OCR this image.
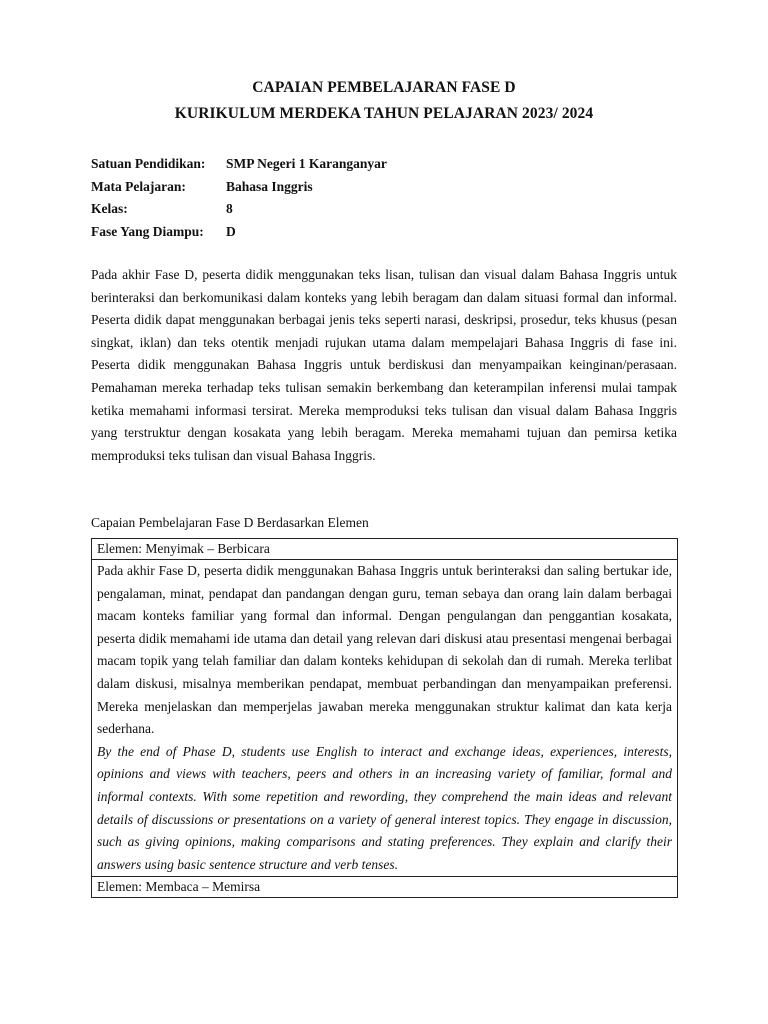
CAPAIAN PEMBELAJARAN FASE D
KURIKULUM MERDEKA TAHUN PELAJARAN 2023/ 2024
Satuan Pendidikan:	SMP Negeri 1 Karanganyar
Mata Pelajaran:	Bahasa Inggris
Kelas:	8
Fase Yang Diampu:	D

Pada akhir Fase D, peserta didik menggunakan teks lisan, tulisan dan visual dalam Bahasa Inggris untuk berinteraksi dan berkomunikasi dalam konteks yang lebih beragam dan dalam situasi formal dan informal. Peserta didik dapat menggunakan berbagai jenis teks seperti narasi, deskripsi, prosedur, teks khusus (pesan singkat, iklan) dan teks otentik menjadi rujukan utama dalam mempelajari Bahasa Inggris di fase ini. Peserta didik menggunakan Bahasa Inggris untuk berdiskusi dan menyampaikan keinginan/perasaan. Pemahaman mereka terhadap teks tulisan semakin berkembang dan keterampilan inferensi mulai tampak ketika memahami informasi tersirat. Mereka memproduksi teks tulisan dan visual dalam Bahasa Inggris yang terstruktur dengan kosakata yang lebih beragam. Mereka memahami tujuan dan pemirsa ketika memproduksi teks tulisan dan visual Bahasa Inggris.

Capaian Pembelajaran Fase D Berdasarkan Elemen
Elemen: Menyimak – Berbicara

Pada akhir Fase D, peserta didik menggunakan Bahasa Inggris untuk berinteraksi dan saling bertukar ide, pengalaman, minat, pendapat dan pandangan dengan guru, teman sebaya dan orang lain dalam berbagai macam konteks familiar yang formal dan informal. Dengan pengulangan dan penggantian kosakata, peserta didik memahami ide utama dan detail yang relevan dari diskusi atau presentasi mengenai berbagai macam topik yang telah familiar dan dalam konteks kehidupan di sekolah dan di rumah. Mereka terlibat dalam diskusi, misalnya memberikan pendapat, membuat perbandingan dan menyampaikan preferensi. Mereka menjelaskan dan memperjelas jawaban mereka menggunakan struktur kalimat dan kata kerja sederhana.

By the end of Phase D, students use English to interact and exchange ideas, experiences, interests, opinions and views with teachers, peers and others in an increasing variety of familiar, formal and informal contexts. With some repetition and rewording, they comprehend the main ideas and relevant details of discussions or presentations on a variety of general interest topics. They engage in discussion, such as giving opinions, making comparisons and stating preferences. They explain and clarify their answers using basic sentence structure and verb tenses.

Elemen: Membaca – Memirsa
